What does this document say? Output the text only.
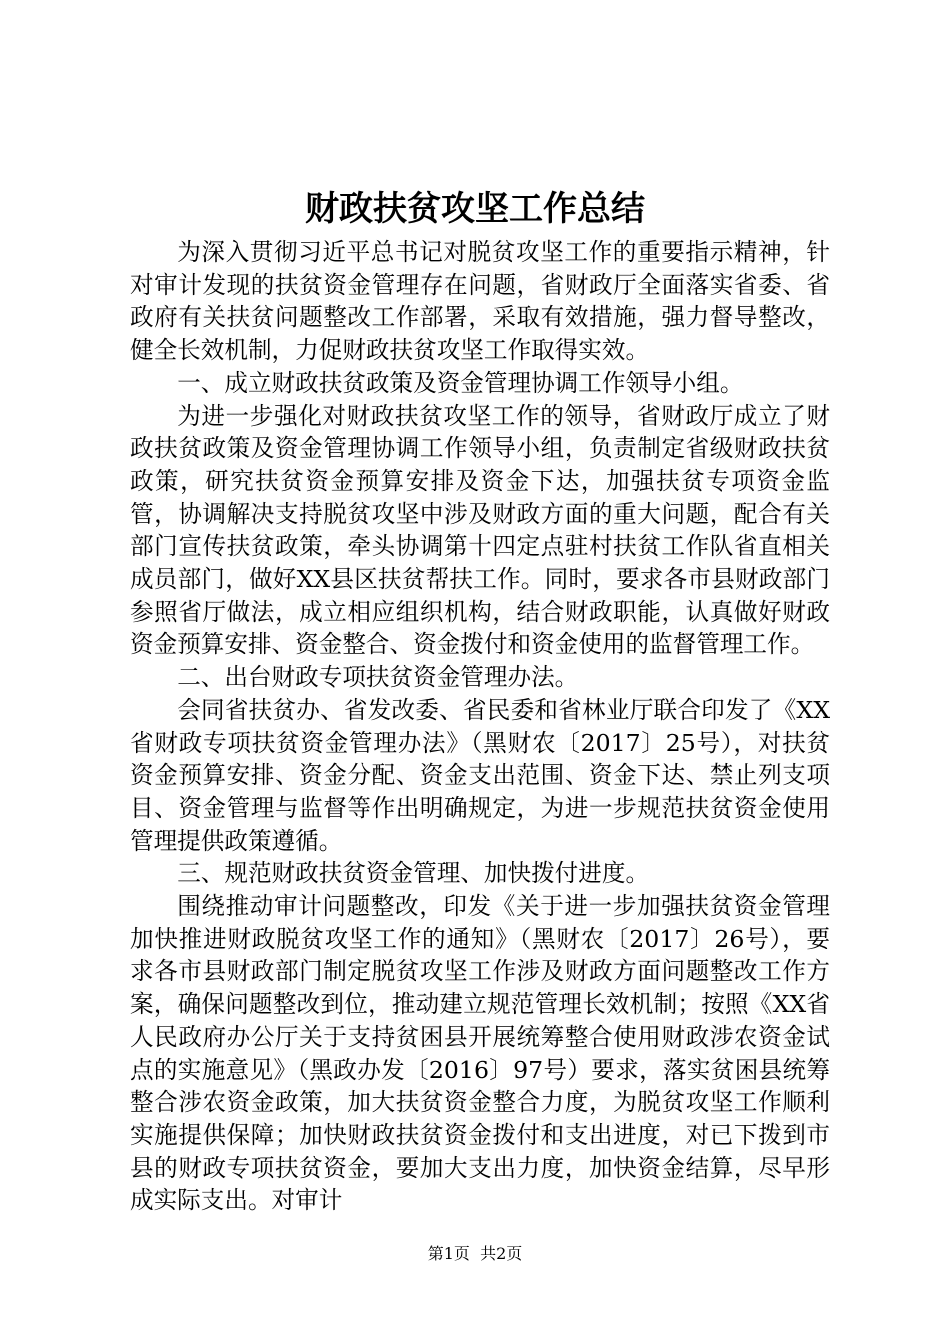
财政扶贫攻坚工作总结

为深入贯彻习近平总书记对脱贫攻坚工作的重要指示精神，针对审计发现的扶贫资金管理存在问题，省财政厅全面落实省委、省政府有关扶贫问题整改工作部署，采取有效措施，强力督导整改，健全长效机制，力促财政扶贫攻坚工作取得实效。

一、成立财政扶贫政策及资金管理协调工作领导小组。

为进一步强化对财政扶贫攻坚工作的领导，省财政厅成立了财政扶贫政策及资金管理协调工作领导小组，负责制定省级财政扶贫政策，研究扶贫资金预算安排及资金下达，加强扶贫专项资金监管，协调解决支持脱贫攻坚中涉及财政方面的重大问题，配合有关部门宣传扶贫政策，牵头协调第十四定点驻村扶贫工作队省直相关成员部门，做好XX县区扶贫帮扶工作。同时，要求各市县财政部门参照省厅做法，成立相应组织机构，结合财政职能，认真做好财政资金预算安排、资金整合、资金拨付和资金使用的监督管理工作。

二、出台财政专项扶贫资金管理办法。

会同省扶贫办、省发改委、省民委和省林业厅联合印发了《XX省财政专项扶贫资金管理办法》（黑财农〔2017〕25号），对扶贫资金预算安排、资金分配、资金支出范围、资金下达、禁止列支项目、资金管理与监督等作出明确规定，为进一步规范扶贫资金使用管理提供政策遵循。

三、规范财政扶贫资金管理、加快拨付进度。

围绕推动审计问题整改，印发《关于进一步加强扶贫资金管理加快推进财政脱贫攻坚工作的通知》（黑财农〔2017〕26号），要求各市县财政部门制定脱贫攻坚工作涉及财政方面问题整改工作方案，确保问题整改到位，推动建立规范管理长效机制；按照《XX省人民政府办公厅关于支持贫困县开展统筹整合使用财政涉农资金试点的实施意见》（黑政办发〔2016〕97号）要求，落实贫困县统筹整合涉农资金政策，加大扶贫资金整合力度，为脱贫攻坚工作顺利实施提供保障；加快财政扶贫资金拨付和支出进度，对已下拨到市县的财政专项扶贫资金，要加大支出力度，加快资金结算，尽早形成实际支出。对审计

第1页 共2页
